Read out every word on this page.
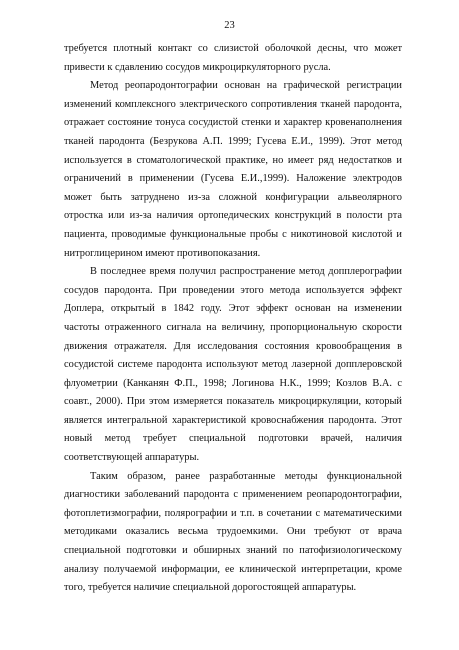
23

требуется плотный контакт со слизистой оболочкой десны, что может привести к сдавлению сосудов микроциркуляторного русла.

Метод реопародонтографии основан на графической регистрации изменений комплексного электрического сопротивления тканей пародонта, отражает состояние тонуса сосудистой стенки и характер кровенаполнения тканей пародонта (Безрукова А.П. 1999; Гусева Е.И., 1999). Этот метод используется в стоматологической практике, но имеет ряд недостатков и ограничений в применении (Гусева Е.И.,1999). Наложение электродов может быть затруднено из-за сложной конфигурации альвеолярного отростка или из-за наличия ортопедических конструкций в полости рта пациента, проводимые функциональные пробы с никотиновой кислотой и нитроглицерином имеют противопоказания.

В последнее время получил распространение метод допплерографии сосудов пародонта. При проведении этого метода используется эффект Доплера, открытый в 1842 году. Этот эффект основан на изменении частоты отраженного сигнала на величину, пропорциональную скорости движения отражателя. Для исследования состояния кровообращения в сосудистой системе пародонта используют метод лазерной допплеровской флуометрии (Канканян Ф.П., 1998; Логинова Н.К., 1999; Козлов В.А. с соавт., 2000). При этом измеряется показатель микроциркуляции, который является интегральной характеристикой кровоснабжения пародонта. Этот новый метод требует специальной подготовки врачей, наличия соответствующей аппаратуры.

Таким образом, ранее разработанные методы функциональной диагностики заболеваний пародонта с применением реопародонтографии, фотоплетизмографии, полярографии и т.п. в сочетании с математическими методиками оказались весьма трудоемкими. Они требуют от врача специальной подготовки и обширных знаний по патофизиологическому анализу получаемой информации, ее клинической интерпретации, кроме того, требуется наличие специальной дорогостоящей аппаратуры.
